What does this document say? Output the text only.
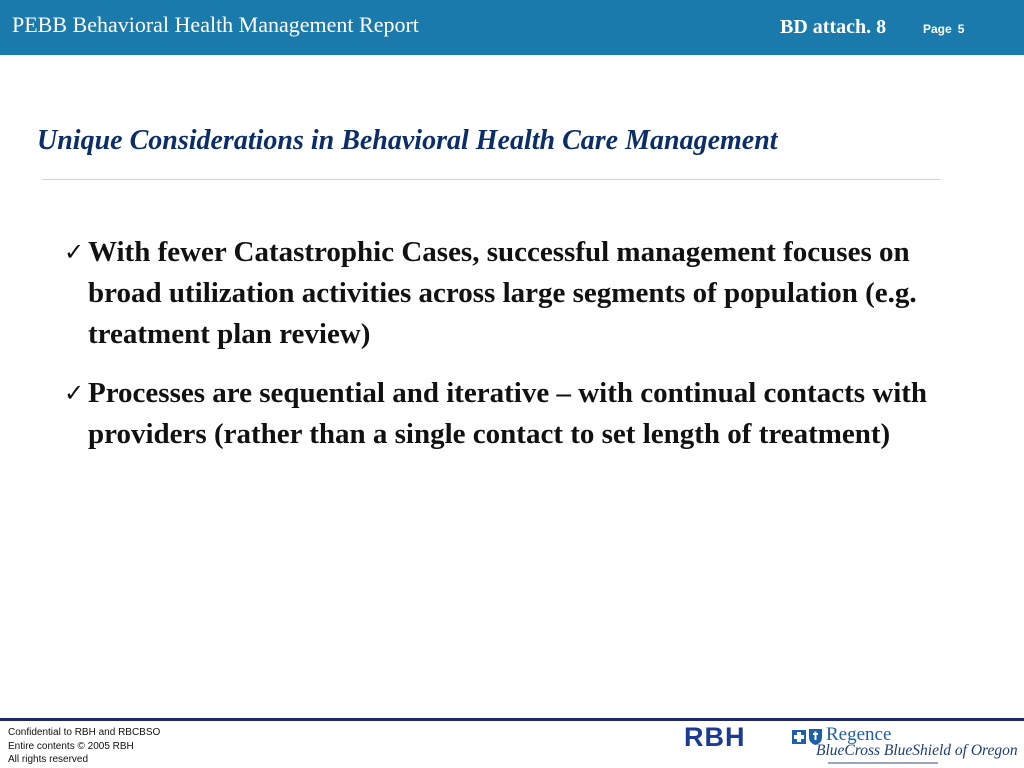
PEBB Behavioral Health Management Report	BD attach. 8	Page 5
Unique Considerations in Behavioral Health Care Management
✓ With fewer Catastrophic Cases, successful management focuses on broad utilization activities across large segments of population (e.g. treatment plan review)
✓ Processes are sequential and iterative – with continual contacts with providers (rather than a single contact to set length of treatment)
Confidential to RBH and RBCBSO
Entire contents © 2005 RBH
All rights reserved
RBH	Regence
BlueCross BlueShield of Oregon
